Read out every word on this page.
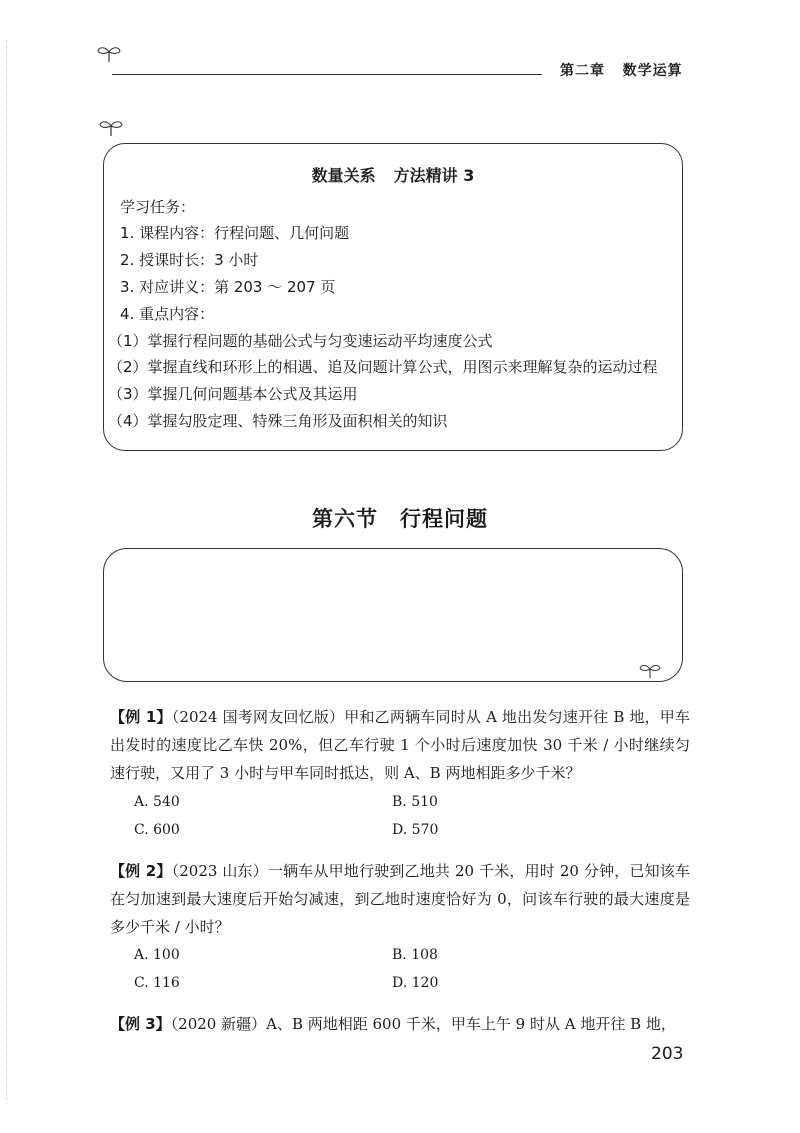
第二章 数学运算
数量关系 方法精讲 3
学习任务：
1. 课程内容：行程问题、几何问题
2. 授课时长：3 小时
3. 对应讲义：第 203 ～ 207 页
4. 重点内容：
（1）掌握行程问题的基础公式与匀变速运动平均速度公式
（2）掌握直线和环形上的相遇、追及问题计算公式，用图示来理解复杂的运动过程
（3）掌握几何问题基本公式及其运用
（4）掌握勾股定理、特殊三角形及面积相关的知识
第六节 行程问题
【例 1】（2024 国考网友回忆版）甲和乙两辆车同时从 A 地出发匀速开往 B 地，甲车出发时的速度比乙车快 20%，但乙车行驶 1 个小时后速度加快 30 千米 / 小时继续匀速行驶，又用了 3 小时与甲车同时抵达，则 A、B 两地相距多少千米？
A. 540	B. 510
C. 600	D. 570
【例 2】（2023 山东）一辆车从甲地行驶到乙地共 20 千米，用时 20 分钟，已知该车在匀加速到最大速度后开始匀减速，到乙地时速度恰好为 0，问该车行驶的最大速度是多少千米 / 小时？
A. 100	B. 108
C. 116	D. 120
【例 3】（2020 新疆）A、B 两地相距 600 千米，甲车上午 9 时从 A 地开往 B 地，
203
